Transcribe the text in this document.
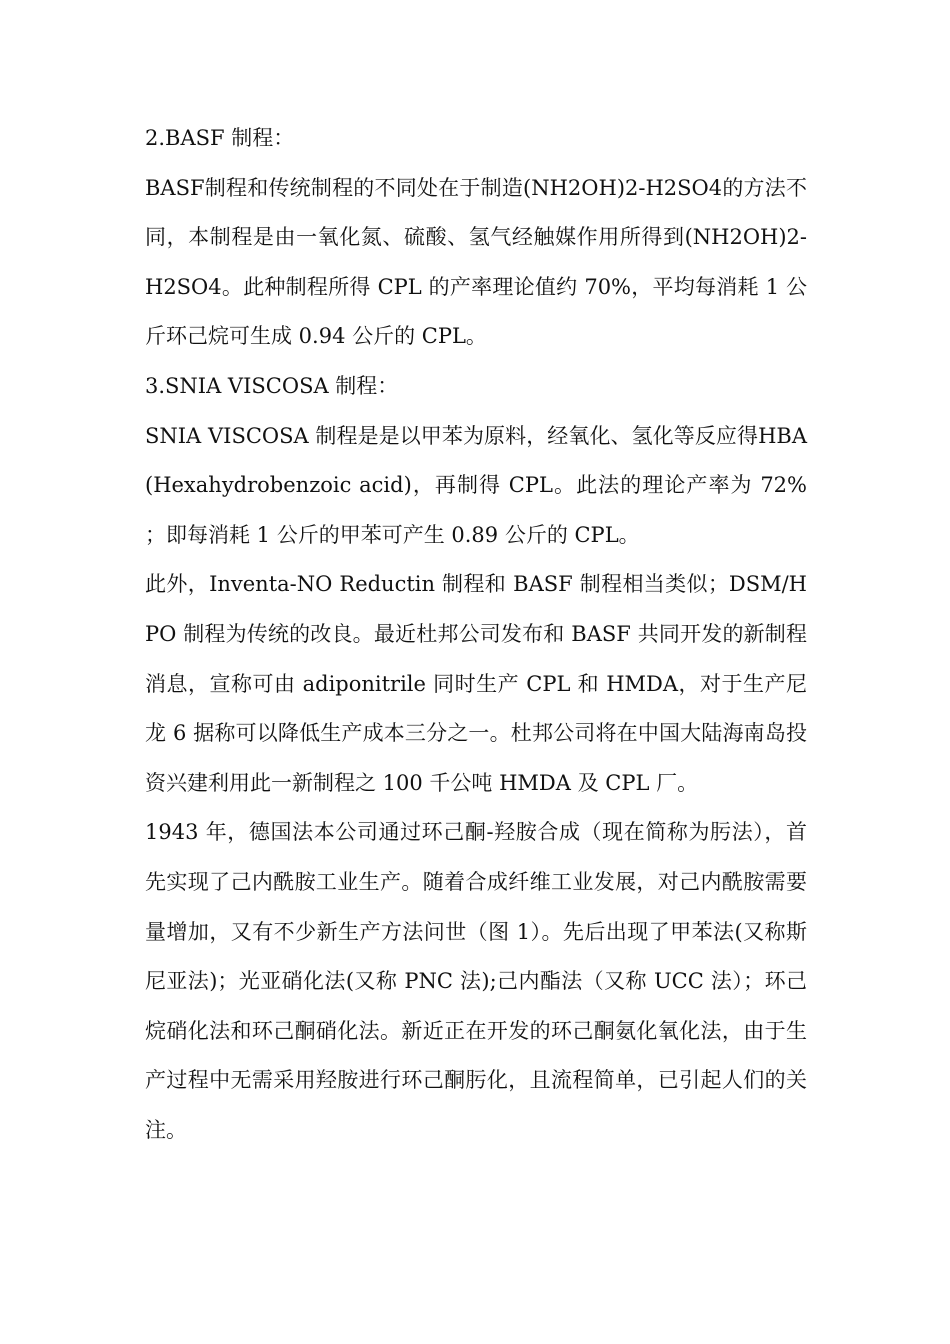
2.BASF 制程：

BASF制程和传统制程的不同处在于制造(NH2OH)2-H2SO4的方法不同，本制程是由一氧化氮、硫酸、氢气经触媒作用所得到(NH2OH)2-H2SO4。此种制程所得 CPL 的产率理论值约 70%，平均每消耗 1 公斤环己烷可生成 0.94 公斤的 CPL。

3.SNIA VISCOSA 制程：

SNIA VISCOSA 制程是是以甲苯为原料，经氧化、氢化等反应得HBA(Hexahydrobenzoic acid)，再制得 CPL。此法的理论产率为 72%；即每消耗 1 公斤的甲苯可产生 0.89 公斤的 CPL。

此外，Inventa-NO Reductin 制程和 BASF 制程相当类似；DSM/HPO 制程为传统的改良。最近杜邦公司发布和 BASF 共同开发的新制程消息，宣称可由 adiponitrile 同时生产 CPL 和 HMDA，对于生产尼龙 6 据称可以降低生产成本三分之一。杜邦公司将在中国大陆海南岛投资兴建利用此一新制程之 100 千公吨 HMDA 及 CPL 厂。

1943 年，德国法本公司通过环己酮-羟胺合成（现在简称为肟法），首先实现了己内酰胺工业生产。随着合成纤维工业发展，对己内酰胺需要量增加，又有不少新生产方法问世（图 1）。先后出现了甲苯法(又称斯尼亚法)；光亚硝化法(又称 PNC 法);己内酯法（又称 UCC 法）；环己烷硝化法和环己酮硝化法。新近正在开发的环己酮氨化氧化法，由于生产过程中无需采用羟胺进行环己酮肟化，且流程简单，已引起人们的关注。
